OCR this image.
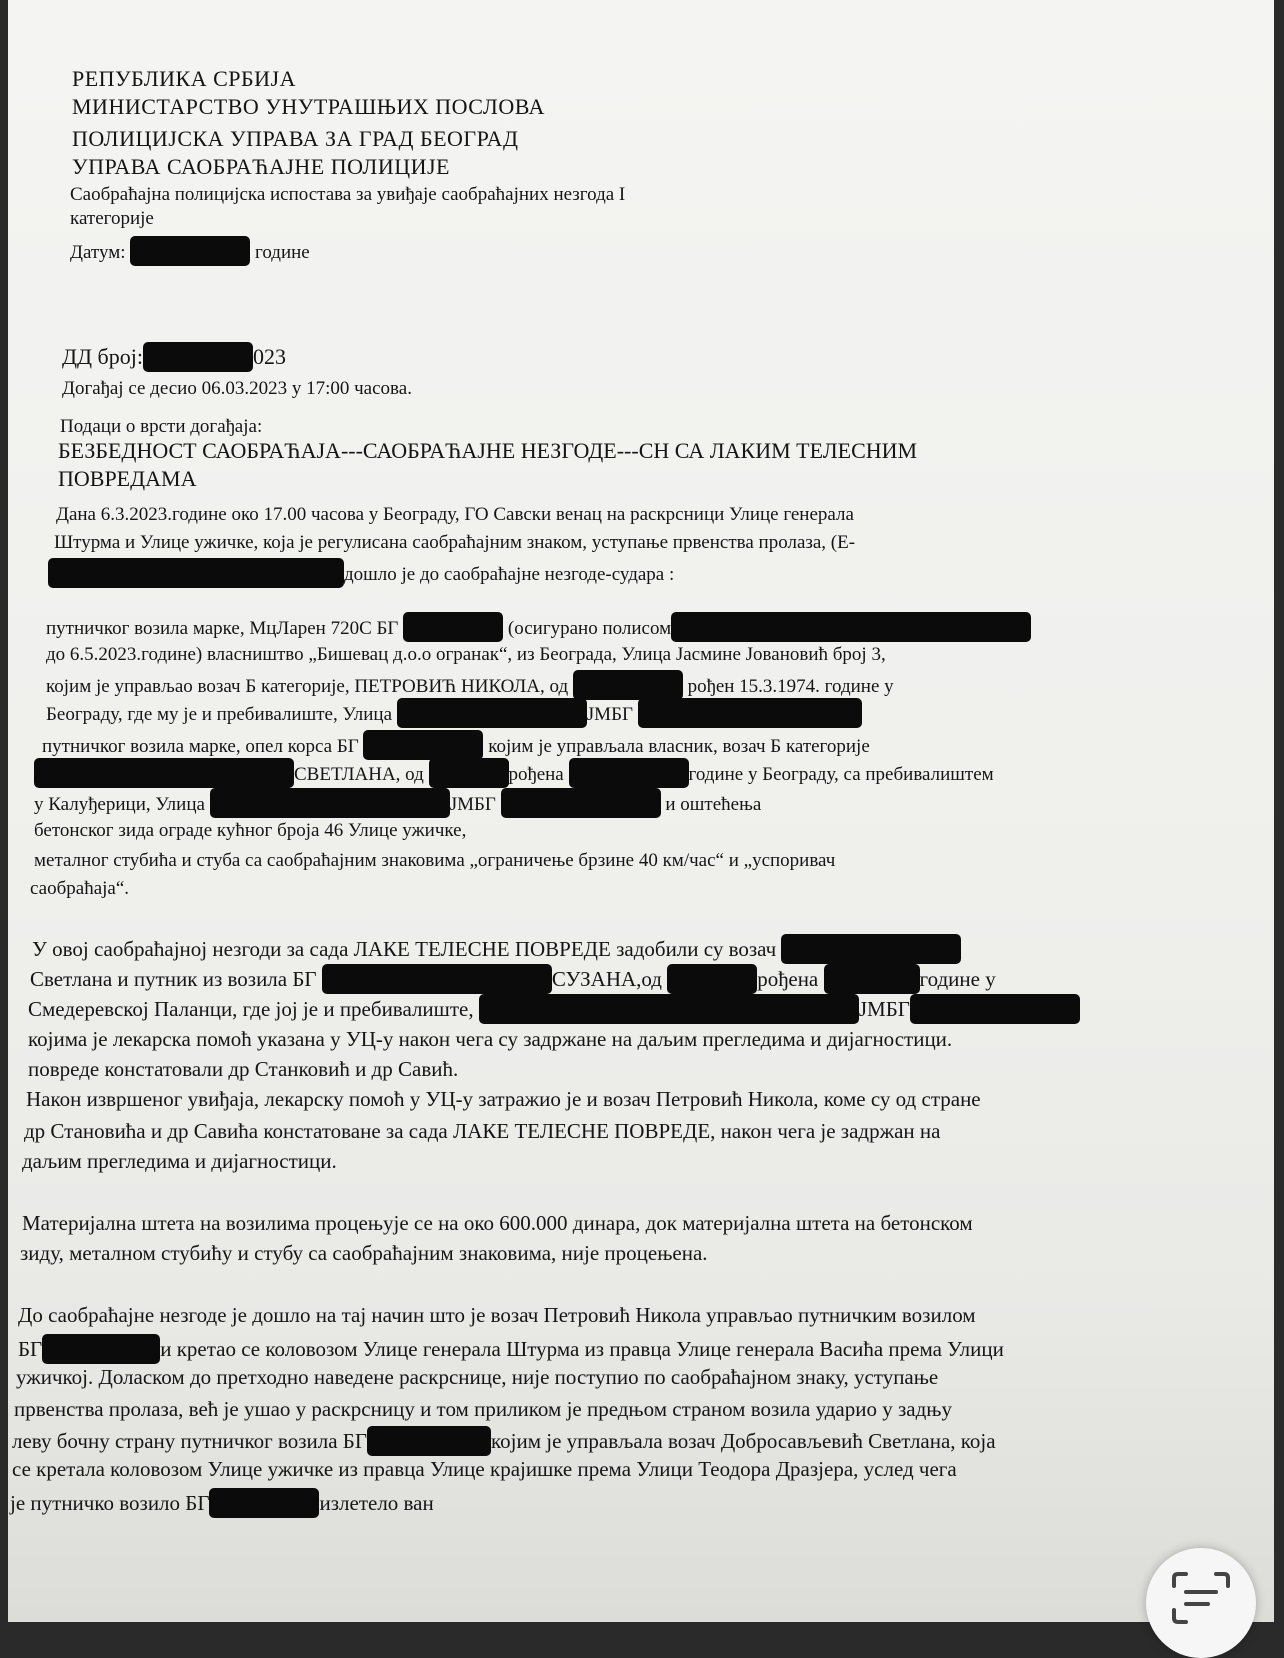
РЕПУБЛИКА СРБИЈА
МИНИСТАРСТВО УНУТРАШЊИХ ПОСЛОВА
ПОЛИЦИЈСКА УПРАВА ЗА ГРАД БЕОГРАД
УПРАВА САОБРАЋАЈНЕ ПОЛИЦИЈЕ
Саобраћајна полицијска испостава за увиђаје саобраћајних незгода I
категорије
Датум:	године
ДД број:	023
Догађај се десио 06.03.2023 у 17:00 часова.
Подаци о врсти догађаја:
БЕЗБЕДНОСТ САОБРАЋАЈА---САОБРАЋАЈНЕ НЕЗГОДЕ---СН СА ЛАКИМ ТЕЛЕСНИМ
ПОВРЕДАМА
Дана 6.3.2023.године око 17.00 часова у Београду, ГО Савски венац на раскрсници Улице генерала
Штурма и Улице ужичке, која је регулисана саобраћајним знаком, уступање првенства пролаза, (Е-
дошло је до саобраћајне незгоде-судара :
путничког возила марке, МцЛарен 720С БГ	(осигурано полисом
до 6.5.2023.године) власништво „Бишевац д.о.о огранак“, из Београда, Улица Јасмине Јовановић број 3,
којим је управљао возач Б категорије, ПЕТРОВИЋ НИКОЛА, од	рођен 15.3.1974. године у
Београду, где му је и пребивалиште, Улица	ЈМБГ
путничког возила марке, опел корса БГ	којим је управљала власник, возач Б категорије
СВЕТЛАНА, од	рођена	године у Београду, са пребивалиштем
у Калуђерици, Улица	ЈМБГ	и оштећења
бетонског зида ограде кућног броја 46 Улице ужичке,
металног стубића и стуба са саобраћајним знаковима „ограничење брзине 40 км/час“ и „успоривач
саобраћаја“.
У овој саобраћајној незгоди за сада ЛАКЕ ТЕЛЕСНЕ ПОВРЕДЕ задобили су возач
Светлана и путник из возила БГ	СУЗАНА,од	рођена	године у
Смедеревској Паланци, где јој је и пребивалиште,	ЈМБГ
којима је лекарска помоћ указана у УЦ-у након чега су задржане на даљим прегледима и дијагностици.
повреде констатовали др Станковић и др Савић.
Након извршеног увиђаја, лекарску помоћ у УЦ-у затражио је и возач Петровић Никола, коме су од стране
др Становића и др Савића констатоване за сада ЛАКЕ ТЕЛЕСНЕ ПОВРЕДЕ, након чега је задржан на
даљим прегледима и дијагностици.
Материјална штета на возилима процењује се на око 600.000 динара, док материјална штета на бетонском
зиду, металном стубићу и стубу са саобраћајним знаковима, није процењена.
До саобраћајне незгоде је дошло на тај начин што је возач Петровић Никола управљао путничким возилом
БГ	и кретао се коловозом Улице генерала Штурма из правца Улице генерала Васића према Улици
ужичкој. Доласком до претходно наведене раскрснице, није поступио по саобраћајном знаку, уступање
првенства пролаза, већ је ушао у раскрсницу и том приликом је предњом страном возила ударио у задњу
леву бочну страну путничког возила БГ	којим је управљала возач Добросављевић Светлана, која
се кретала коловозом Улице ужичке из правца Улице крајишке према Улици Теодора Дразјера, услед чега
је путничко возило БГ	излетело ван
